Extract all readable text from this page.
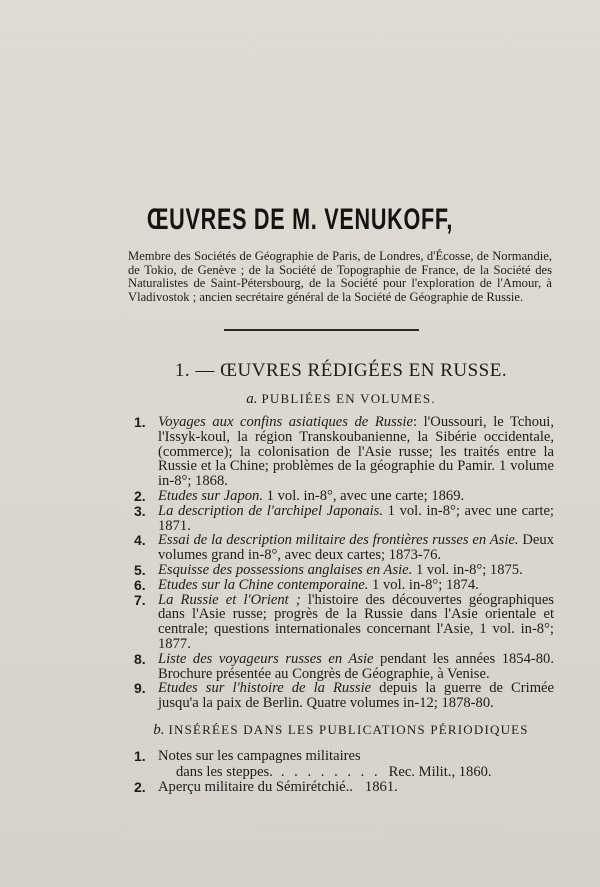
ŒUVRES DE M. VENUKOFF,

Membre des Sociétés de Géographie de Paris, de Londres, d'Écosse, de Normandie, de Tokio, de Genève ; de la Société de Topographie de France, de la Société des Naturalistes de Saint-Pétersbourg, de la Société pour l'exploration de l'Amour, à Vladivostok ; ancien secrétaire général de la Société de Géographie de Russie.

1. — ŒUVRES RÉDIGÉES EN RUSSE.
a. PUBLIÉES EN VOLUMES.

1. Voyages aux confins asiatiques de Russie: l'Oussouri, le Tchoui, l'Issyk-koul, la région Transkoubanienne, la Sibérie occidentale, (commerce); la colonisation de l'Asie russe; les traités entre la Russie et la Chine; problèmes de la géographie du Pamir. 1 volume in-8°; 1868.

2. Etudes sur Japon. 1 vol. in-8°, avec une carte; 1869.

3. La description de l'archipel Japonais. 1 vol. in-8°; avec une carte; 1871.

4. Essai de la description militaire des frontières russes en Asie. Deux volumes grand in-8°, avec deux cartes; 1873-76.

5. Esquisse des possessions anglaises en Asie. 1 vol. in-8°; 1875.

6. Etudes sur la Chine contemporaine. 1 vol. in-8°; 1874.

7. La Russie et l'Orient ; l'histoire des découvertes géographiques dans l'Asie russe; progrès de la Russie dans l'Asie orientale et centrale; questions internationales concernant l'Asie, 1 vol. in-8°; 1877.

8. Liste des voyageurs russes en Asie pendant les années 1854-80. Brochure présentée au Congrès de Géographie, à Venise.

9. Etudes sur l'histoire de la Russie depuis la guerre de Crimée jusqu'a la paix de Berlin. Quatre volumes in-12; 1878-80.

b. INSÉRÉES DANS LES PUBLICATIONS PÉRIODIQUES
1. Notes sur les campagnes militaires
dans les steppes. . . . . . . . . Rec. Milit., 1860.
2. Aperçu militaire du Sémirétchié.. 1861.
